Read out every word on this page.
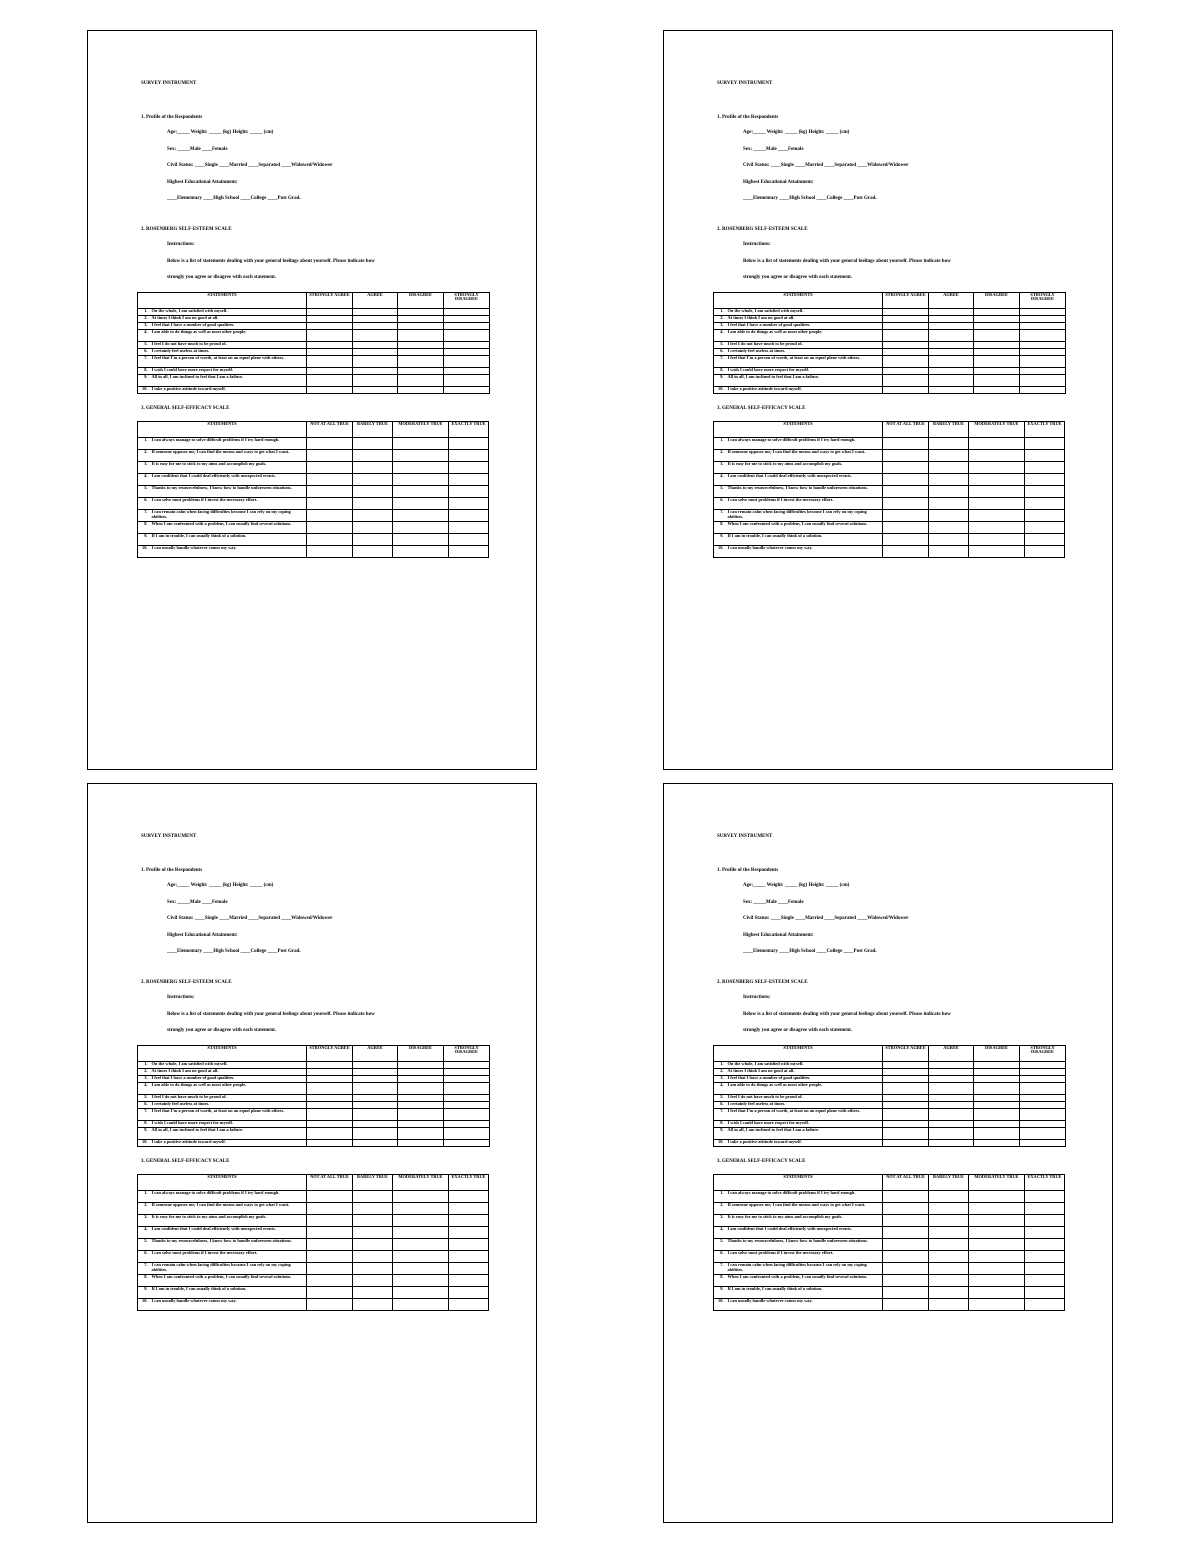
SURVEY INSTRUMENT
1. Profile of the Respondents
Age:_____ Weight: _____ (kg) Height: _____ (cm)
Sex: _____Male ____Female
Civil Status: ____Single ____Married ____Separated ____Widowed/Widower
Highest Educational Attainment:
____Elementary ____High School ____College ____Post Grad.
2. ROSENBERG SELF-ESTEEM SCALE
Instructions:
Below is a list of statements dealing with your general feelings about yourself. Please indicate how
strongly you agree or disagree with each statement.
STATEMENTS		STRONGLY AGREE	AGREE	DISAGREE	STRONGLY DISAGREE
1.	On the whole, I am satisfied with myself.				
2.	At times I think I am no good at all.				
3.	I feel that I have a number of good qualities.				
4.	I am able to do things as well as most other people.				
5.	I feel I do not have much to be proud of.				
6.	I certainly feel useless at times.				
7.	I feel that I'm a person of worth, at least on an equal plane with others.				
8.	I wish I could have more respect for myself.				
9.	All in all, I am inclined to feel that I am a failure.				
10.	I take a positive attitude toward myself.				
3. GENERAL SELF-EFFICACY SCALE
STATEMENTS		NOT AT ALL TRUE	BARELY TRUE	MODERATELY TRUE	EXACTLY TRUE
1.	I can always manage to solve difficult problems if I try hard enough.				
2.	If someone opposes me, I can find the means and ways to get what I want.				
3.	It is easy for me to stick to my aims and accomplish my goals.				
4.	I am confident that I could deal efficiently with unexpected events.				
5.	Thanks to my resourcefulness, I know how to handle unforeseen situations.				
6.	I can solve most problems if I invest the necessary effort.				
7.	I can remain calm when facing difficulties because I can rely on my coping abilities.				
8.	When I am confronted with a problem, I can usually find several solutions.				
9.	If I am in trouble, I can usually think of a solution.				
10.	I can usually handle whatever comes my way.				
SURVEY INSTRUMENT
1. Profile of the Respondents
Age:_____ Weight: _____ (kg) Height: _____ (cm)
Sex: _____Male ____Female
Civil Status: ____Single ____Married ____Separated ____Widowed/Widower
Highest Educational Attainment:
____Elementary ____High School ____College ____Post Grad.
2. ROSENBERG SELF-ESTEEM SCALE
Instructions:
Below is a list of statements dealing with your general feelings about yourself. Please indicate how
strongly you agree or disagree with each statement.
STATEMENTS		STRONGLY AGREE	AGREE	DISAGREE	STRONGLY DISAGREE
1.	On the whole, I am satisfied with myself.				
2.	At times I think I am no good at all.				
3.	I feel that I have a number of good qualities.				
4.	I am able to do things as well as most other people.				
5.	I feel I do not have much to be proud of.				
6.	I certainly feel useless at times.				
7.	I feel that I'm a person of worth, at least on an equal plane with others.				
8.	I wish I could have more respect for myself.				
9.	All in all, I am inclined to feel that I am a failure.				
10.	I take a positive attitude toward myself.				
3. GENERAL SELF-EFFICACY SCALE
STATEMENTS		NOT AT ALL TRUE	BARELY TRUE	MODERATELY TRUE	EXACTLY TRUE
1.	I can always manage to solve difficult problems if I try hard enough.				
2.	If someone opposes me, I can find the means and ways to get what I want.				
3.	It is easy for me to stick to my aims and accomplish my goals.				
4.	I am confident that I could deal efficiently with unexpected events.				
5.	Thanks to my resourcefulness, I know how to handle unforeseen situations.				
6.	I can solve most problems if I invest the necessary effort.				
7.	I can remain calm when facing difficulties because I can rely on my coping abilities.				
8.	When I am confronted with a problem, I can usually find several solutions.				
9.	If I am in trouble, I can usually think of a solution.				
10.	I can usually handle whatever comes my way.				
SURVEY INSTRUMENT
1. Profile of the Respondents
Age:_____ Weight: _____ (kg) Height: _____ (cm)
Sex: _____Male ____Female
Civil Status: ____Single ____Married ____Separated ____Widowed/Widower
Highest Educational Attainment:
____Elementary ____High School ____College ____Post Grad.
2. ROSENBERG SELF-ESTEEM SCALE
Instructions:
Below is a list of statements dealing with your general feelings about yourself. Please indicate how
strongly you agree or disagree with each statement.
STATEMENTS		STRONGLY AGREE	AGREE	DISAGREE	STRONGLY DISAGREE
1.	On the whole, I am satisfied with myself.				
2.	At times I think I am no good at all.				
3.	I feel that I have a number of good qualities.				
4.	I am able to do things as well as most other people.				
5.	I feel I do not have much to be proud of.				
6.	I certainly feel useless at times.				
7.	I feel that I'm a person of worth, at least on an equal plane with others.				
8.	I wish I could have more respect for myself.				
9.	All in all, I am inclined to feel that I am a failure.				
10.	I take a positive attitude toward myself.				
3. GENERAL SELF-EFFICACY SCALE
STATEMENTS		NOT AT ALL TRUE	BARELY TRUE	MODERATELY TRUE	EXACTLY TRUE
1.	I can always manage to solve difficult problems if I try hard enough.				
2.	If someone opposes me, I can find the means and ways to get what I want.				
3.	It is easy for me to stick to my aims and accomplish my goals.				
4.	I am confident that I could deal efficiently with unexpected events.				
5.	Thanks to my resourcefulness, I know how to handle unforeseen situations.				
6.	I can solve most problems if I invest the necessary effort.				
7.	I can remain calm when facing difficulties because I can rely on my coping abilities.				
8.	When I am confronted with a problem, I can usually find several solutions.				
9.	If I am in trouble, I can usually think of a solution.				
10.	I can usually handle whatever comes my way.				
SURVEY INSTRUMENT
1. Profile of the Respondents
Age:_____ Weight: _____ (kg) Height: _____ (cm)
Sex: _____Male ____Female
Civil Status: ____Single ____Married ____Separated ____Widowed/Widower
Highest Educational Attainment:
____Elementary ____High School ____College ____Post Grad.
2. ROSENBERG SELF-ESTEEM SCALE
Instructions:
Below is a list of statements dealing with your general feelings about yourself. Please indicate how
strongly you agree or disagree with each statement.
STATEMENTS		STRONGLY AGREE	AGREE	DISAGREE	STRONGLY DISAGREE
1.	On the whole, I am satisfied with myself.				
2.	At times I think I am no good at all.				
3.	I feel that I have a number of good qualities.				
4.	I am able to do things as well as most other people.				
5.	I feel I do not have much to be proud of.				
6.	I certainly feel useless at times.				
7.	I feel that I'm a person of worth, at least on an equal plane with others.				
8.	I wish I could have more respect for myself.				
9.	All in all, I am inclined to feel that I am a failure.				
10.	I take a positive attitude toward myself.				
3. GENERAL SELF-EFFICACY SCALE
STATEMENTS		NOT AT ALL TRUE	BARELY TRUE	MODERATELY TRUE	EXACTLY TRUE
1.	I can always manage to solve difficult problems if I try hard enough.				
2.	If someone opposes me, I can find the means and ways to get what I want.				
3.	It is easy for me to stick to my aims and accomplish my goals.				
4.	I am confident that I could deal efficiently with unexpected events.				
5.	Thanks to my resourcefulness, I know how to handle unforeseen situations.				
6.	I can solve most problems if I invest the necessary effort.				
7.	I can remain calm when facing difficulties because I can rely on my coping abilities.				
8.	When I am confronted with a problem, I can usually find several solutions.				
9.	If I am in trouble, I can usually think of a solution.				
10.	I can usually handle whatever comes my way.				
